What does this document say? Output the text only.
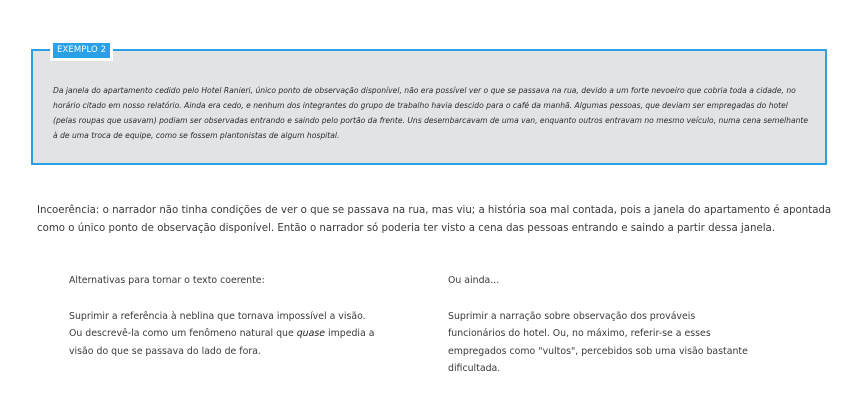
EXEMPLO 2

Da janela do apartamento cedido pelo Hotel Ranieri, único ponto de observação disponível, não era possível ver o que se passava na rua, devido a um forte nevoeiro que cobria toda a cidade, no horário citado em nosso relatório. Ainda era cedo, e nenhum dos integrantes do grupo de trabalho havia descido para o café da manhã. Algumas pessoas, que deviam ser empregadas do hotel (pelas roupas que usavam) podiam ser observadas entrando e saindo pelo portão da frente. Uns desembarcavam de uma van, enquanto outros entravam no mesmo veículo, numa cena semelhante à de uma troca de equipe, como se fossem plantonistas de algum hospital.

Incoerência: o narrador não tinha condições de ver o que se passava na rua, mas viu; a história soa mal contada, pois a janela do apartamento é apontada como o único ponto de observação disponível. Então o narrador só poderia ter visto a cena das pessoas entrando e saindo a partir dessa janela.

Alternativas para tornar o texto coerente:

Suprimir a referência à neblina que tornava impossível a visão. Ou descrevê-la como um fenômeno natural que quase impedia a visão do que se passava do lado de fora.

Ou ainda...

Suprimir a narração sobre observação dos prováveis funcionários do hotel. Ou, no máximo, referir-se a esses empregados como "vultos", percebidos sob uma visão bastante dificultada.
